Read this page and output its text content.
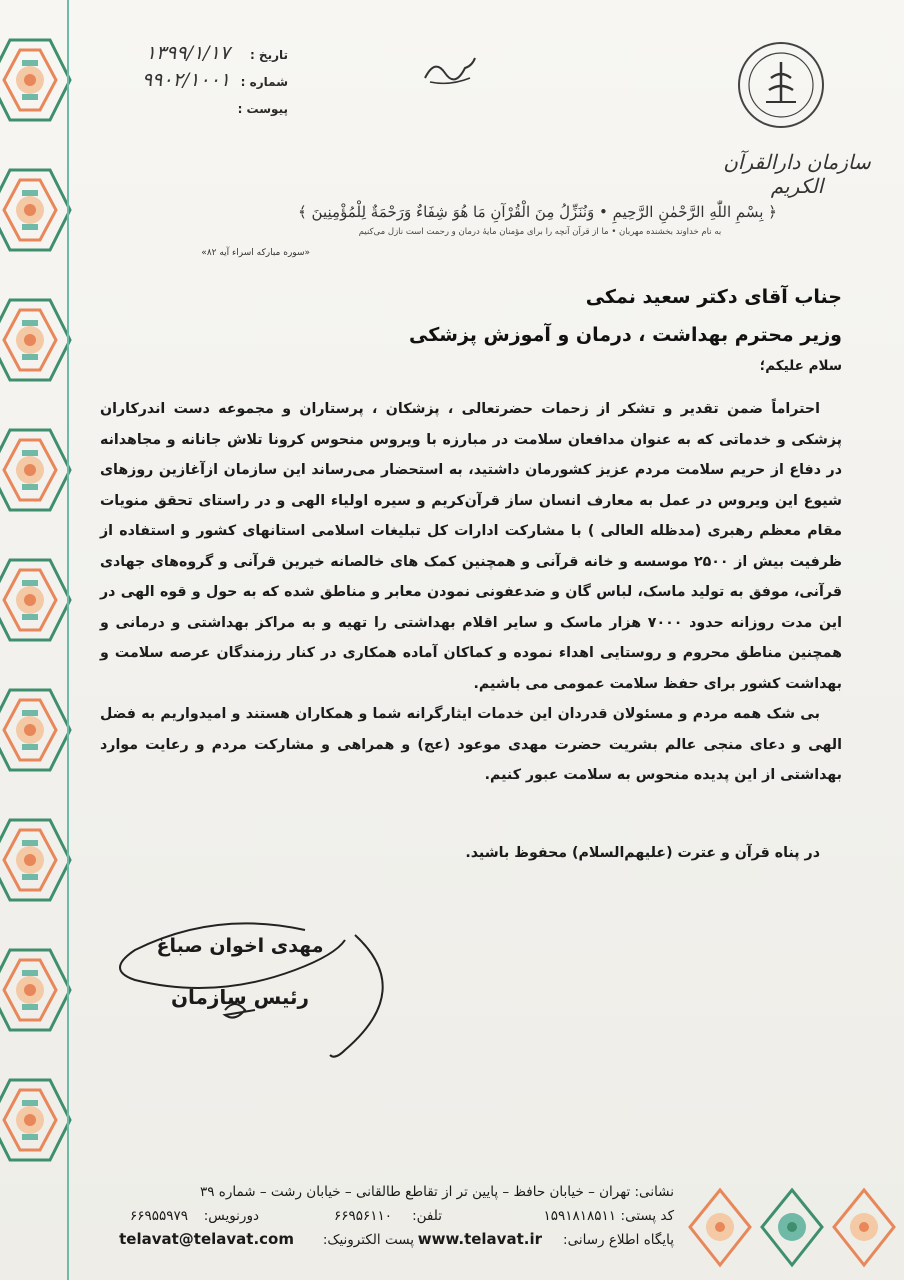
سازمان دارالقرآن الکریم
تاریخ :
۱۳۹۹/۱/۱۷
شماره :
۹۹۰۲/۱۰۰۱
پیوست :
﴿ بِسْمِ اللّٰهِ الرَّحْمٰنِ الرَّحِيمِ • وَنُنَزِّلُ مِنَ الْقُرْآنِ مَا هُوَ شِفَاءٌ وَرَحْمَةٌ لِلْمُؤْمِنِينَ ﴾
به نام خداوند بخشنده مهربان • ما از قرآن آنچه را برای مؤمنان مایهٔ درمان و رحمت است نازل می‌کنیم
«سوره مبارکه اسراء آیه ۸۲»
جناب آقای دکتر سعید نمکی
وزیر محترم بهداشت ، درمان و آموزش پزشکی
سلام علیکم؛

احتراماً ضمن تقدیر و تشکر از زحمات حضرتعالی ، پزشکان ، پرستاران و مجموعه دست اندرکاران پزشکی و خدماتی که به عنوان مدافعان سلامت در مبارزه با ویروس منحوس کرونا تلاش جانانه و مجاهدانه در دفاع از حریم سلامت مردم عزیز کشورمان داشتید، به استحضار می‌رساند این سازمان ازآغازین روزهای شیوع این ویروس در عمل به معارف انسان ساز قرآن‌کریم و سیره اولیاء الهی و در راستای تحقق منویات مقام معظم رهبری (مدظله العالی ) با مشارکت ادارات کل تبلیغات اسلامی استانهای کشور و استفاده از ظرفیت بیش از ۲۵۰۰ موسسه و خانه قرآنی و همچنین کمک های خالصانه خیرین قرآنی و گروه‌های جهادی قرآنی، موفق به تولید ماسک، لباس گان و ضدعفونی نمودن معابر و مناطق شده که به حول و قوه الهی در این مدت روزانه حدود ۷۰۰۰ هزار ماسک و سایر اقلام بهداشتی را تهیه و به مراکز بهداشتی و درمانی و همچنین مناطق محروم و روستایی اهداء نموده و کماکان آماده همکاری در کنار رزمندگان عرصه سلامت و بهداشت کشور برای حفظ سلامت عمومی می باشیم.

بی شک همه مردم و مسئولان قدردان این خدمات ایثارگرانه شما و همکاران هستند و امیدواریم به فضل الهی و دعای منجی عالم بشریت حضرت مهدی موعود (عج) و همراهی و مشارکت مردم و رعایت موارد بهداشتی از این پدیده منحوس به سلامت عبور کنیم.

در پناه قرآن و عترت (علیهم‌السلام) محفوظ باشید.
مهدی اخوان صباغ
رئیس سازمان
نشانی: تهران – خیابان حافظ – پایین تر از تقاطع طالقانی – خیابان رشت – شماره ۳۹
کد پستی:
۱۵۹۱۸۱۸۵۱۱
تلفن:
۶۶۹۵۶۱۱۰
دورنویس:
۶۶۹۵۵۹۷۹
پایگاه اطلاع رسانی:
www.telavat.ir
پست الکترونیک:
telavat@telavat.com
